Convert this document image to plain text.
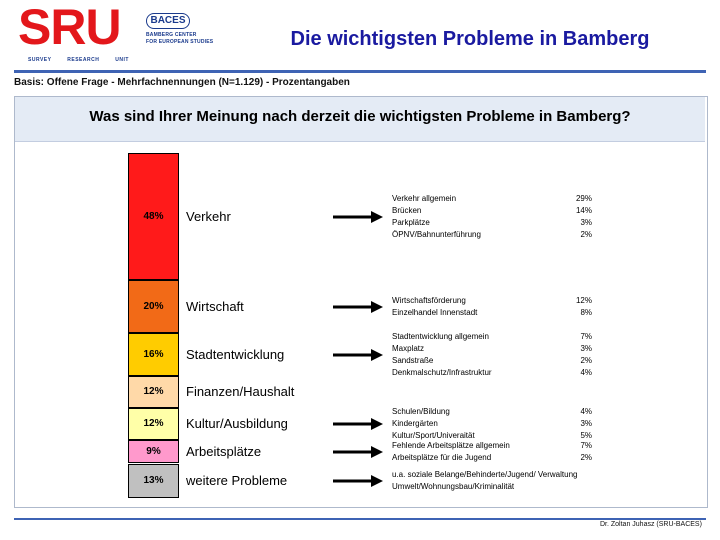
SRU	BACES
BAMBERG CENTER
FOR EUROPEAN STUDIES
SURVEY RESEARCH UNIT
Die wichtigsten Probleme in Bamberg
Basis: Offene Frage - Mehrfachnennungen (N=1.129) - Prozentangaben
Was sind Ihrer Meinung nach derzeit die wichtigsten Probleme in Bamberg?
48% Verkehr
Verkehr allgemein	29%
Brücken	14%
Parkplätze	3%
ÖPNV/Bahnunterführung	2%
20% Wirtschaft	Wirtschaftsförderung	12%
Einzelhandel Innenstadt	8%
16% Stadtentwicklung
Stadtentwicklung allgemein	7%
Maxplatz	3%
Sandstraße	2%
Denkmalschutz/Infrastruktur	4%
12% Finanzen/Haushalt
12% Kultur/Ausbildung
Schulen/Bildung	4%
Kindergärten	3%
Kultur/Sport/Univeraität	5%
9% Arbeitsplätze	Fehlende Arbeitsplätze allgemein	7%
Arbeitsplätze für die Jugend	2%
13% weitere Probleme	u.a. soziale Belange/Behinderte/Jugend/ Verwaltung
Umwelt/Wohnungsbau/Kriminalität
Dr. Zoltan Juhasz (SRU-BACES)
